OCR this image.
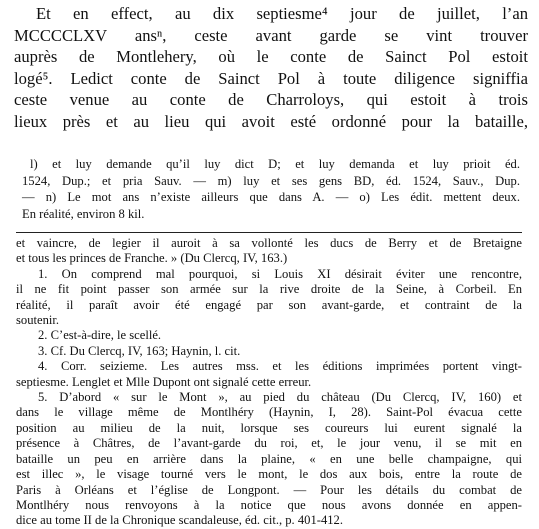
Et en effect, au dix septiesme⁴ jour de juillet, l’an
MCCCCLXV ansⁿ, ceste avant garde se vint trouver
auprès de Montlehery, où le conte de Sainct Pol estoit
logé⁵. Ledict conte de Sainct Pol à toute diligence signiffia
ceste venue au conte de Charroloys, qui estoit à trois
lieux près et au lieu qui avoit esté ordonné pour la bataille,
l) et luy demande qu’il luy dict D; et luy demanda et luy prioit éd.
1524, Dup.; et pria Sauv. — m) luy et ses gens BD, éd. 1524, Sauv., Dup.
— n) Le mot ans n’existe ailleurs que dans A. — o) Les édit. mettent deux.
En réalité, environ 8 kil.
et vaincre, de legier il auroit à sa vollonté les ducs de Berry et de Bretaigne
et tous les princes de Franche. » (Du Clercq, IV, 163.)
1. On comprend mal pourquoi, si Louis XI désirait éviter une rencontre,
il ne fit point passer son armée sur la rive droite de la Seine, à Corbeil. En
réalité, il paraît avoir été engagé par son avant-garde, et contraint de la
soutenir.
2. C’est-à-dire, le scellé.
3. Cf. Du Clercq, IV, 163; Haynin, l. cit.
4. Corr. seizieme. Les autres mss. et les éditions imprimées portent vingt-
septiesme. Lenglet et Mlle Dupont ont signalé cette erreur.
5. D’abord « sur le Mont », au pied du château (Du Clercq, IV, 160) et
dans le village même de Montlhéry (Haynin, I, 28). Saint-Pol évacua cette
position au milieu de la nuit, lorsque ses coureurs lui eurent signalé la
présence à Châtres, de l’avant-garde du roi, et, le jour venu, il se mit en
bataille un peu en arrière dans la plaine, « en une belle champaigne, qui
est illec », le visage tourné vers le mont, le dos aux bois, entre la route de
Paris à Orléans et l’église de Longpont. — Pour les détails du combat de
Montlhéry nous renvoyons à la notice que nous avons donnée en appen-
dice au tome II de la Chronique scandaleuse, éd. cit., p. 401-412.
